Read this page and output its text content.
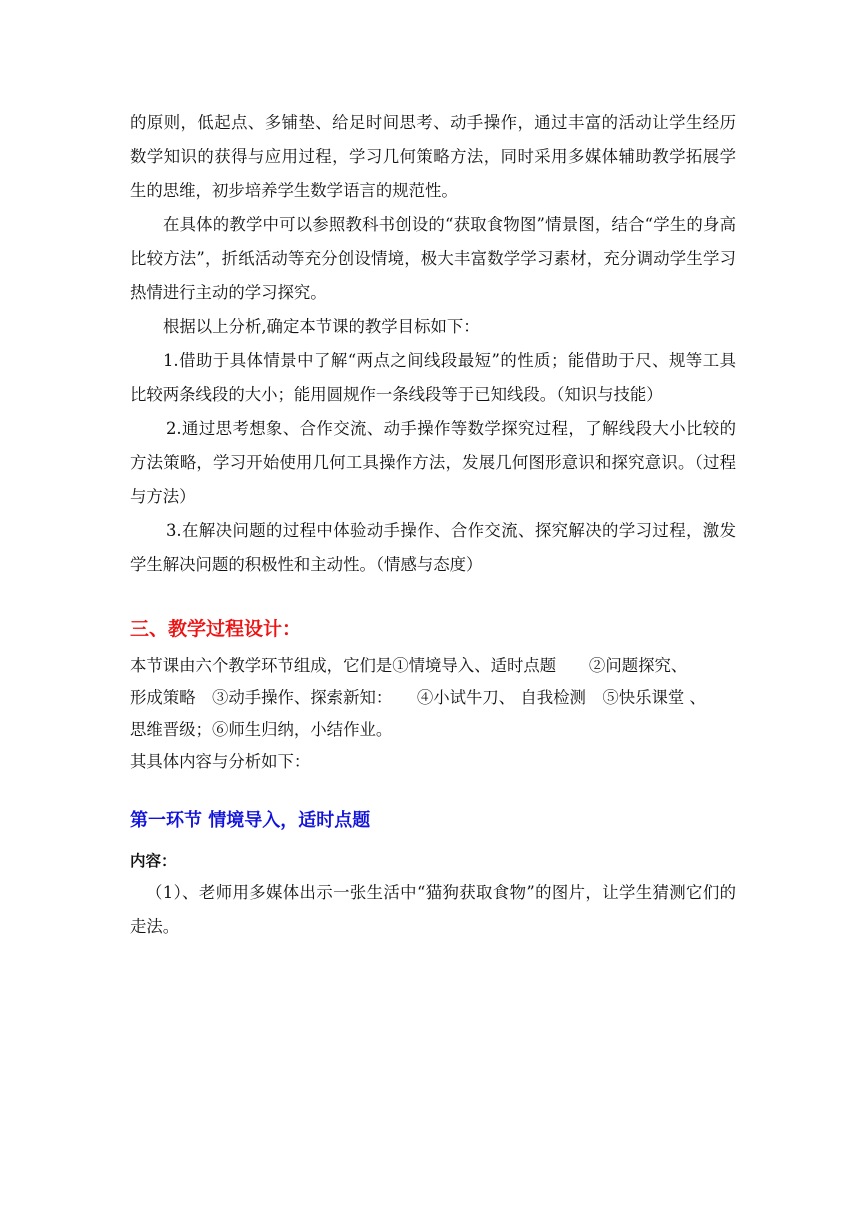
的原则，低起点、多铺垫、给足时间思考、动手操作，通过丰富的活动让学生经历数学知识的获得与应用过程，学习几何策略方法，同时采用多媒体辅助教学拓展学生的思维，初步培养学生数学语言的规范性。

在具体的教学中可以参照教科书创设的“获取食物图”情景图，结合“学生的身高比较方法”，折纸活动等充分创设情境，极大丰富数学学习素材，充分调动学生学习热情进行主动的学习探究。

根据以上分析,确定本节课的教学目标如下：

1.借助于具体情景中了解“两点之间线段最短”的性质；能借助于尺、规等工具比较两条线段的大小；能用圆规作一条线段等于已知线段。（知识与技能）

2.通过思考想象、合作交流、动手操作等数学探究过程，了解线段大小比较的方法策略，学习开始使用几何工具操作方法，发展几何图形意识和探究意识。（过程与方法）

3.在解决问题的过程中体验动手操作、合作交流、探究解决的学习过程，激发学生解决问题的积极性和主动性。（情感与态度）

三、教学过程设计：

本节课由六个教学环节组成，它们是①情境导入、适时点题　　②问题探究、
形成策略　③动手操作、探索新知：　　④小试牛刀、 自我检测　⑤快乐课堂 、
思维晋级；⑥师生归纳，小结作业。
其具体内容与分析如下：

第一环节 情境导入，适时点题

内容：

（1）、老师用多媒体出示一张生活中“猫狗获取食物”的图片，让学生猜测它们的走法。
